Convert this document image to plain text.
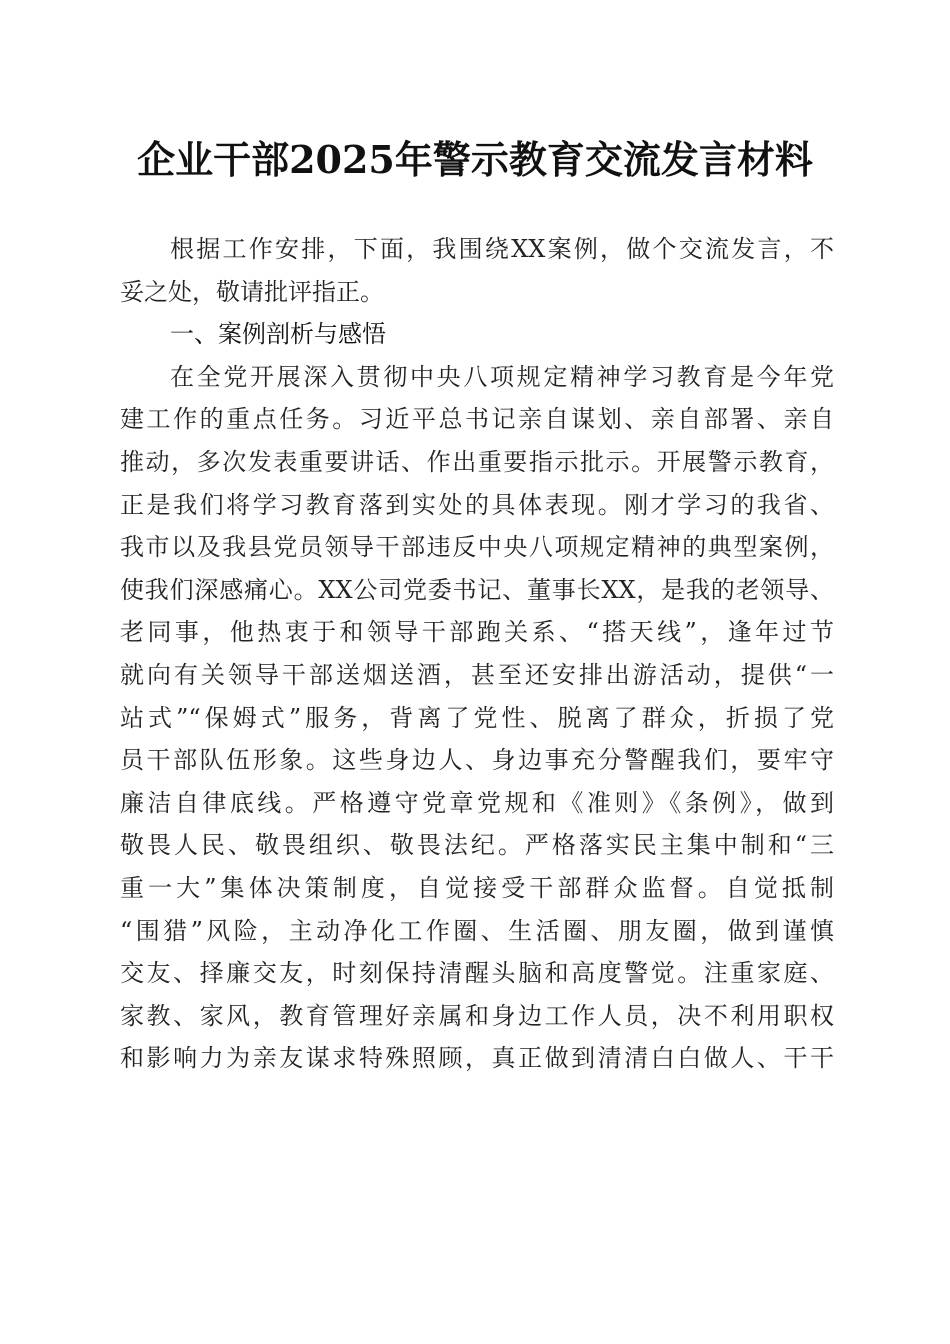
企业干部2025年警示教育交流发言材料
根据工作安排，下面，我围绕XX案例，做个交流发言，不
妥之处，敬请批评指正。
一、案例剖析与感悟
在全党开展深入贯彻中央八项规定精神学习教育是今年党
建工作的重点任务。习近平总书记亲自谋划、亲自部署、亲自
推动，多次发表重要讲话、作出重要指示批示。开展警示教育，
正是我们将学习教育落到实处的具体表现。刚才学习的我省、
我市以及我县党员领导干部违反中央八项规定精神的典型案例，
使我们深感痛心。XX公司党委书记、董事长XX，是我的老领导、
老同事，他热衷于和领导干部跑关系、“搭天线”，逢年过节
就向有关领导干部送烟送酒，甚至还安排出游活动，提供“一
站式”“保姆式”服务，背离了党性、脱离了群众，折损了党
员干部队伍形象。这些身边人、身边事充分警醒我们，要牢守
廉洁自律底线。严格遵守党章党规和《准则》《条例》，做到
敬畏人民、敬畏组织、敬畏法纪。严格落实民主集中制和“三
重一大”集体决策制度，自觉接受干部群众监督。自觉抵制
“围猎”风险，主动净化工作圈、生活圈、朋友圈，做到谨慎
交友、择廉交友，时刻保持清醒头脑和高度警觉。注重家庭、
家教、家风，教育管理好亲属和身边工作人员，决不利用职权
和影响力为亲友谋求特殊照顾，真正做到清清白白做人、干干
